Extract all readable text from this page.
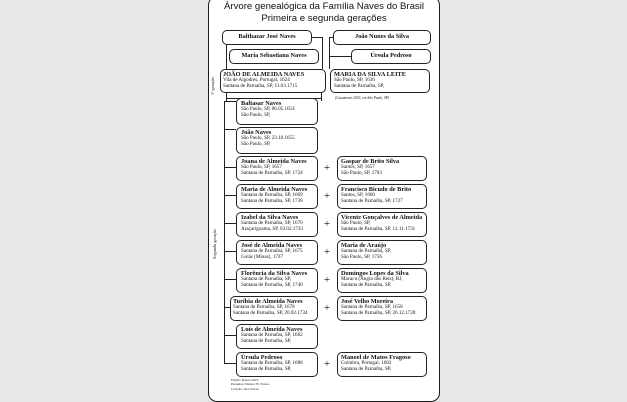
Árvore genealógica da Família Naves do Brasil
Primeira e segunda gerações
Balthazar José Naves
Maria Sebastiana Naves
João Nunes da Silva
Úrsula Pedroso
1ª geração
JOÃO DE ALMEIDA NAVES
Vila de Algodres, Portugal, 1624
Santana de Parnaíba, SP, 11.03.1715
MARIA DA SILVA LEITE
São Paulo, SP, 1636
Santana de Parnaíba, SP,
(Casamento 1653, em São Paulo, SP)
Segunda geração
Baltasar Naves
São Paulo, SP, 06.05.1654
São Paulo, SP,
João Naves
São Paulo, SP, 23.10.1655
São Paulo, SP,
Joana de Almeida Naves
São Paulo, SP, 1657
Santana de Parnaíba, SP, 1724	+
Gaspar de Brito Silva
Santos, SP, 1657
São Paulo, SP, 1703
Maria de Almeida Naves
Santana de Parnaíba, SP, 1669
Santana de Parnaíba, SP, 1738	+
Francisco Bicudo de Brito
Santos, SP, 1660
Santana de Parnaíba, SP, 1727
Izabel da Silva Naves
Santana de Parnaíba, SP, 1670
Araçariguama, SP, 03.02.1733	+
Vicente Gonçalves de Almeida
São Paulo, SP,
Santana de Parnaíba, SP, 12.11.1731
José de Almeida Naves
Santana de Parnaíba, SP, 1675
Goiás (Minas), 1737	+
Maria de Araújo
Santana de Parnaíba, SP,
São Paulo, SP, 1756
Florência da Silva Naves
Santana de Parnaíba, SP,
Santana de Parnaíba, SP, 1740	+
Domingos Lopes da Silva
Macacu (Angra dos Reis), RJ,
Santana de Parnaíba, SP,
Turíbia de Almeida Naves
Santana de Parnaíba, SP, 1678
Santana de Parnaíba, SP, 20.02.1734	+
José Velho Moreira
Santana de Parnaíba, SP, 1658
Santana de Parnaíba, SP, 26.12.1728
Luís de Almeida Naves
Santana de Parnaíba, SP, 1682
Santana de Parnaíba, SP,
Úrsula Pedroso
Santana de Parnaíba, SP, 1688
Santana de Parnaíba, SP,	+
Manoel de Matos Fragoso
Coimbra, Portugal, 1682
Santana de Parnaíba, SP,
Edição Naves 2023
Pesquisa: Nelson W. Naves
Criação: Iara Naves
